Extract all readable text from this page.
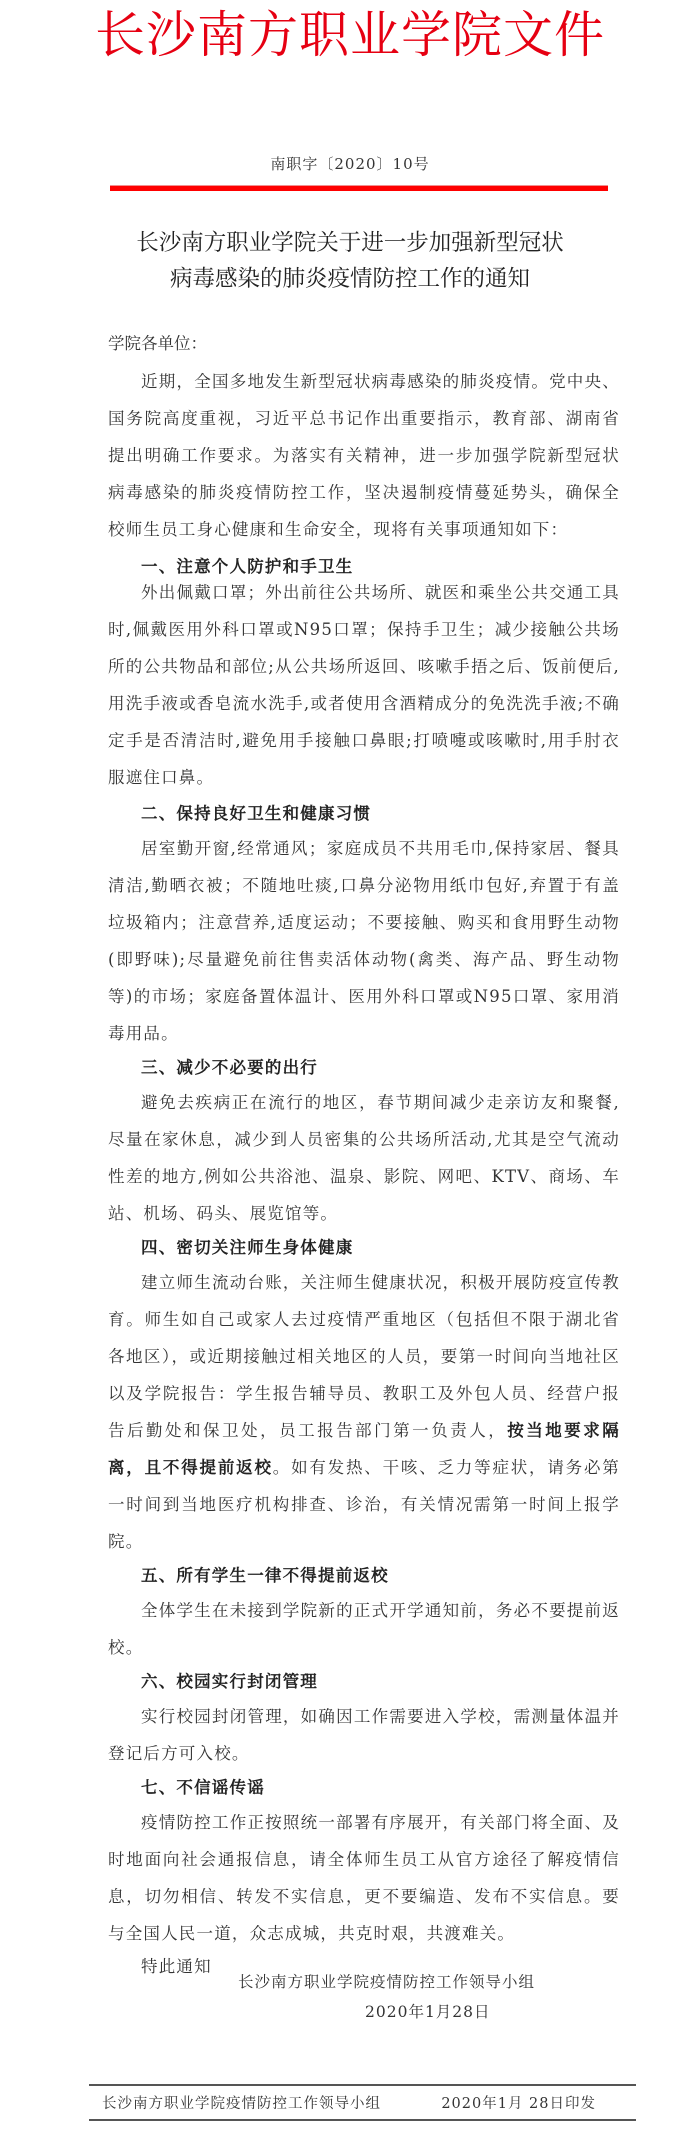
长沙南方职业学院文件
南职字〔2020〕10号
长沙南方职业学院关于进一步加强新型冠状
病毒感染的肺炎疫情防控工作的通知

学院各单位：

近期，全国多地发生新型冠状病毒感染的肺炎疫情。党中央、国务院高度重视，习近平总书记作出重要指示，教育部、湖南省提出明确工作要求。为落实有关精神，进一步加强学院新型冠状病毒感染的肺炎疫情防控工作，坚决遏制疫情蔓延势头，确保全校师生员工身心健康和生命安全，现将有关事项通知如下：

一、注意个人防护和手卫生

外出佩戴口罩；外出前往公共场所、就医和乘坐公共交通工具时,佩戴医用外科口罩或N95口罩；保持手卫生；减少接触公共场所的公共物品和部位;从公共场所返回、咳嗽手捂之后、饭前便后,用洗手液或香皂流水洗手,或者使用含酒精成分的免洗洗手液;不确定手是否清洁时,避免用手接触口鼻眼;打喷嚏或咳嗽时,用手肘衣服遮住口鼻。

二、保持良好卫生和健康习惯

居室勤开窗,经常通风；家庭成员不共用毛巾,保持家居、餐具清洁,勤晒衣被；不随地吐痰,口鼻分泌物用纸巾包好,弃置于有盖垃圾箱内；注意营养,适度运动；不要接触、购买和食用野生动物(即野味);尽量避免前往售卖活体动物(禽类、海产品、野生动物等)的市场；家庭备置体温计、医用外科口罩或N95口罩、家用消毒用品。

三、减少不必要的出行

避免去疾病正在流行的地区，春节期间减少走亲访友和聚餐,尽量在家休息，减少到人员密集的公共场所活动,尤其是空气流动性差的地方,例如公共浴池、温泉、影院、网吧、KTV、商场、车站、机场、码头、展览馆等。

四、密切关注师生身体健康

建立师生流动台账，关注师生健康状况，积极开展防疫宣传教育。师生如自己或家人去过疫情严重地区（包括但不限于湖北省各地区），或近期接触过相关地区的人员，要第一时间向当地社区以及学院报告：学生报告辅导员、教职工及外包人员、经营户报告后勤处和保卫处，员工报告部门第一负责人，按当地要求隔离，且不得提前返校。如有发热、干咳、乏力等症状，请务必第一时间到当地医疗机构排查、诊治，有关情况需第一时间上报学院。

五、所有学生一律不得提前返校

全体学生在未接到学院新的正式开学通知前，务必不要提前返校。

六、校园实行封闭管理

实行校园封闭管理，如确因工作需要进入学校，需测量体温并登记后方可入校。

七、不信谣传谣

疫情防控工作正按照统一部署有序展开，有关部门将全面、及时地面向社会通报信息，请全体师生员工从官方途径了解疫情信息，切勿相信、转发不实信息，更不要编造、发布不实信息。要与全国人民一道，众志成城，共克时艰，共渡难关。

特此通知

长沙南方职业学院疫情防控工作领导小组
2020年1月28日
长沙南方职业学院疫情防控工作领导小组	2020年1月 28日印发
